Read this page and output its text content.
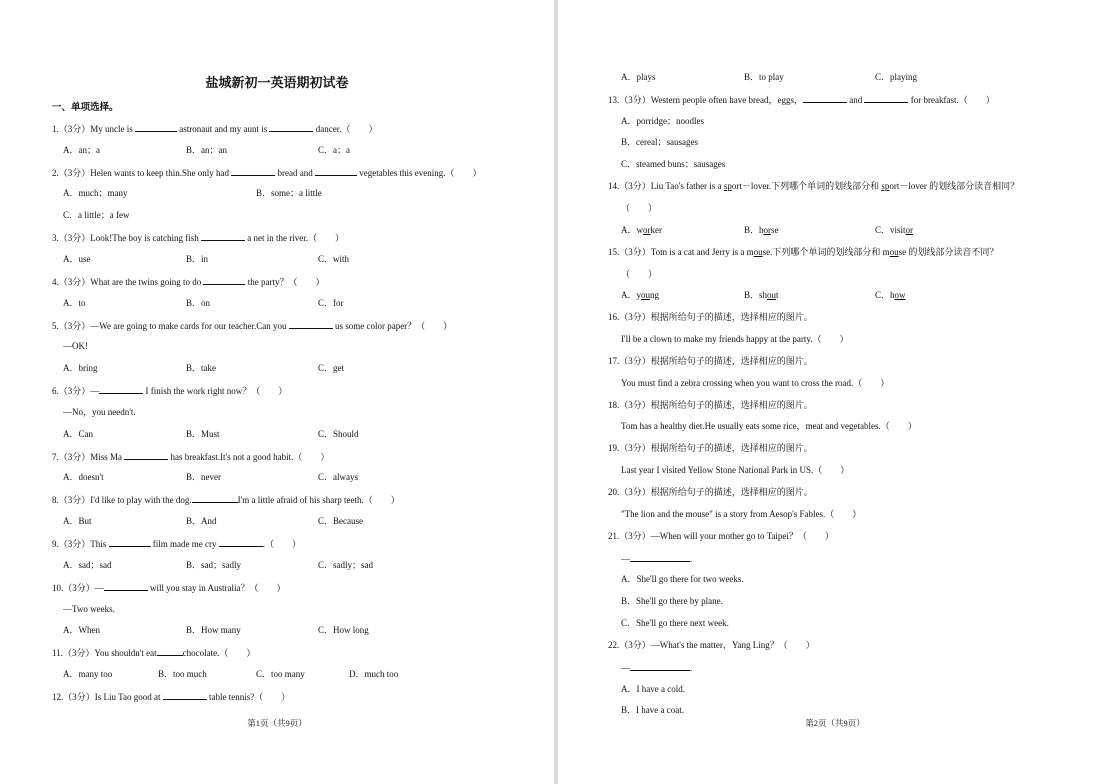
盐城新初一英语期初试卷
一、单项选择。
1.（3分）My uncle is	astronaut and my aunt is	dancer.（　　）
A．an；a	B．an；an	C．a；a
2.（3分）Helen wants to keep thin.She only had	bread and	vegetables this evening.（　　）
A．much；many	B．some；a little
C．a little；a few
3.（3分）Look!The boy is catching fish	a net in the river.（　　）
A．use	B．in	C．with
4.（3分）What are the twins going to do	the party？（　　）
A．to	B．on	C．for
5.（3分）—We are going to make cards for our teacher.Can you	us some color paper？（　　）
—OK!
A．bring	B．take	C．get
6.（3分）—	I finish the work right now？（　　）
—No，you needn't.
A．Can	B．Must	C．Should
7.（3分）Miss Ma	has breakfast.It's not a good habit.（　　）
A．doesn't	B．never	C．always
8.（3分）I'd like to play with the dog.	I'm a little afraid of his sharp teeth.（　　）
A．But	B．And	C．Because
9.（3分）This	film made me cry	.（　　）
A．sad；sad	B．sad；sadly	C．sadly；sad
10.（3分）—	will you stay in Australia？（　　）
—Two weeks.
A．When	B．How many	C．How long
11.（3分）You shouldn't eat	chocolate.（　　）
A．many too	B．too much	C．too many	D．much too
12.（3分）Is Liu Tao good at	table tennis?（　　）
第1页（共9页）
A．plays	B．to play	C．playing
13.（3分）Western people often have bread，eggs，	and	for breakfast.（　　）
A．porridge；noodles
B．cereal；sausages
C．steamed buns；sausages
14.（3分）Liu Tao's father is a sport－lover.下列哪个单词的划线部分和 sport－lover 的划线部分读音相同？
（　　）
A．worker	B．horse	C．visitor
15.（3分）Tom is a cat and Jerry is a mouse.下列哪个单词的划线部分和 mouse 的划线部分读音不同？
（　　）
A．young	B．shout	C．how
16.（3分）根据所给句子的描述，选择相应的图片。
I'll be a clown to make my friends happy at the party.（　　）
17.（3分）根据所给句子的描述，选择相应的图片。
You must find a zebra crossing when you want to cross the road.（　　）
18.（3分）根据所给句子的描述，选择相应的图片。
Tom has a healthy diet.He usually eats some rice，meat and vegetables.（　　）
19.（3分）根据所给句子的描述，选择相应的图片。
Last year I visited Yellow Stone National Park in US.（　　）
20.（3分）根据所给句子的描述，选择相应的图片。
"The lion and the mouse" is a story from Aesop's Fables.（　　）
21.（3分）—When will your mother go to Taipei？（　　）
—	.
A．She'll go there for two weeks.
B．She'll go there by plane.
C．She'll go there next week.
22.（3分）—What's the matter，Yang Ling？（　　）
—	.
A．I have a cold.
B．I have a coat.
第2页（共9页）
